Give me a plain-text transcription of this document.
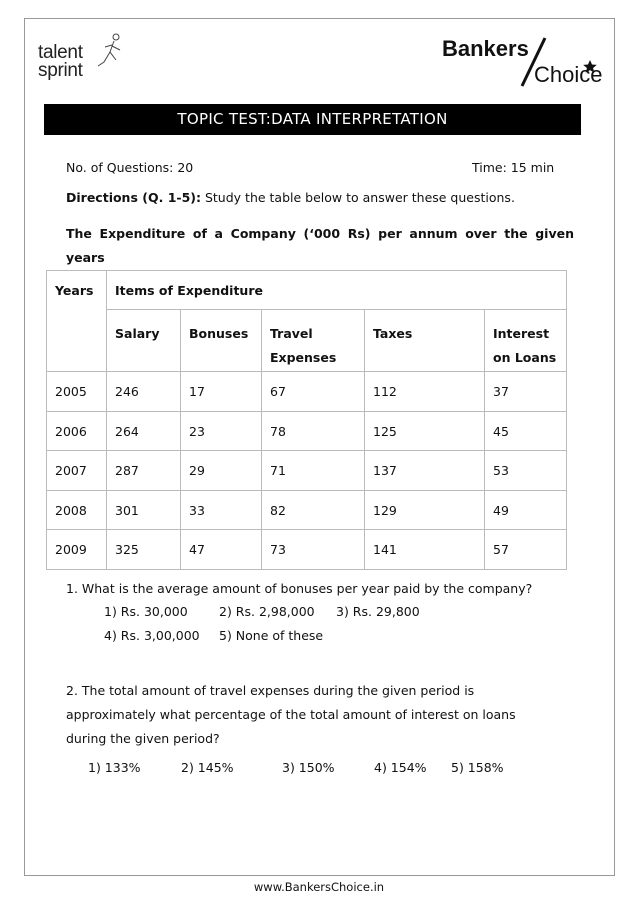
talent
sprint
Bankers
Choice
TOPIC TEST:DATA INTERPRETATION
No. of Questions: 20	Time: 15 min
Directions (Q. 1-5): Study the table below to answer these questions.
The Expenditure of a Company (‘000 Rs) per annum over the given years
Years	Items of Expenditure				
	Salary	Bonuses	Travel Expenses	Taxes	Interest on Loans
2005	246	17	67	112	37
2006	264	23	78	125	45
2007	287	29	71	137	53
2008	301	33	82	129	49
2009	325	47	73	141	57
1. What is the average amount of bonuses per year paid by the company?
1) Rs. 30,000	2) Rs. 2,98,000 3) Rs. 29,800
4) Rs. 3,00,000 5) None of these
2. The total amount of travel expenses during the given period is
approximately what percentage of the total amount of interest on loans
during the given period?
1) 133%	2) 145%	3) 150%	4) 154% 5) 158%
www.BankersChoice.in
